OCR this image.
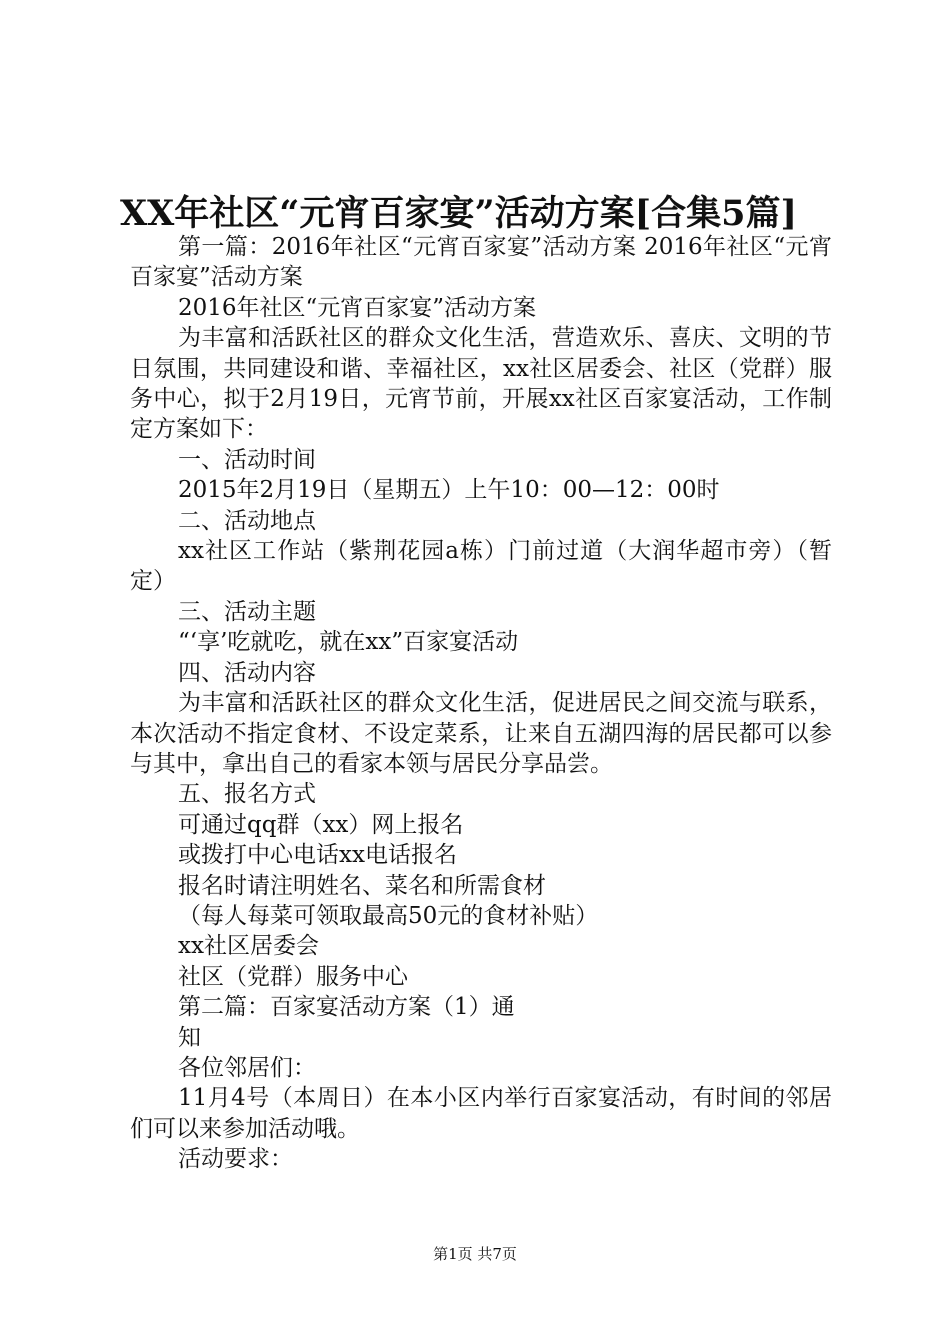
XX年社区“元宵百家宴”活动方案[合集5篇]

第一篇：2016年社区“元宵百家宴”活动方案 2016年社区“元宵百家宴”活动方案

2016年社区“元宵百家宴”活动方案

为丰富和活跃社区的群众文化生活，营造欢乐、喜庆、文明的节日氛围，共同建设和谐、幸福社区，xx社区居委会、社区（党群）服务中心，拟于2月19日，元宵节前，开展xx社区百家宴活动，工作制定方案如下：

一、活动时间

2015年2月19日（星期五）上午10：00—12：00时

二、活动地点

xx社区工作站（紫荆花园a栋）门前过道（大润华超市旁）（暂定）

三、活动主题

“‘享’吃就吃，就在xx”百家宴活动

四、活动内容

为丰富和活跃社区的群众文化生活，促进居民之间交流与联系，本次活动不指定食材、不设定菜系，让来自五湖四海的居民都可以参与其中，拿出自己的看家本领与居民分享品尝。

五、报名方式

可通过qq群（xx）网上报名

或拨打中心电话xx电话报名

报名时请注明姓名、菜名和所需食材

（每人每菜可领取最高50元的食材补贴）

xx社区居委会

社区（党群）服务中心

第二篇：百家宴活动方案（1）通

知

各位邻居们：

11月4号（本周日）在本小区内举行百家宴活动，有时间的邻居们可以来参加活动哦。

活动要求：

第1页 共7页
